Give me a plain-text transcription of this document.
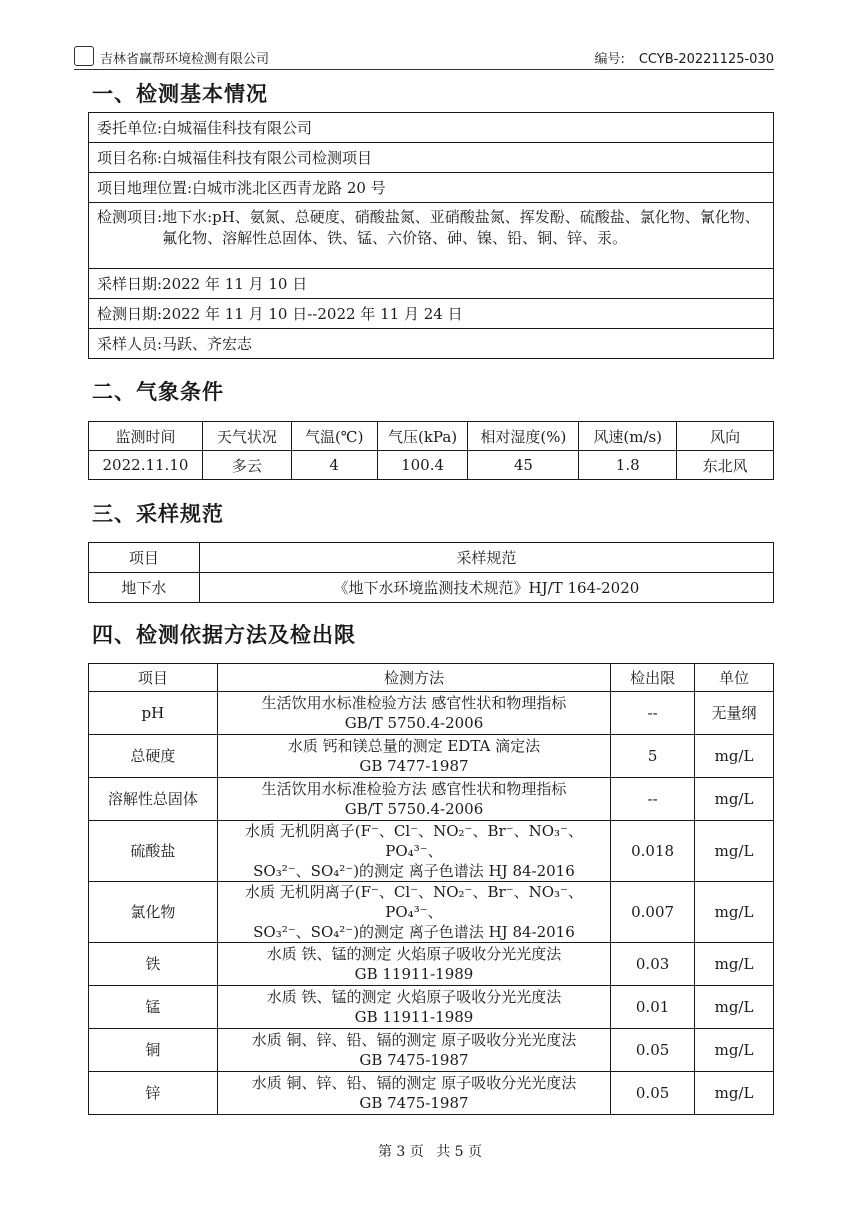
吉林省赢帮环境检测有限公司	编号: CCYB-20221125-030
一、检测基本情况
委托单位:白城福佳科技有限公司
项目名称:白城福佳科技有限公司检测项目
项目地理位置:白城市洮北区西青龙路 20 号

检测项目: 地下水:pH、氨氮、总硬度、硝酸盐氮、亚硝酸盐氮、挥发酚、硫酸盐、氯化物、氰化物、氟化物、溶解性总固体、铁、锰、六价铬、砷、镍、铅、铜、锌、汞。

采样日期:2022 年 11 月 10 日
检测日期:2022 年 11 月 10 日--2022 年 11 月 24 日
采样人员:马跃、齐宏志
二、气象条件
监测时间	天气状况	气温(℃)	气压(kPa)	相对湿度(%)	风速(m/s)	风向
2022.11.10	多云	4	100.4	45	1.8	东北风
三、采样规范
项目	采样规范
地下水	《地下水环境监测技术规范》HJ/T 164-2020
四、检测依据方法及检出限
项目	检测方法	检出限	单位
pH	生活饮用水标准检验方法 感官性状和物理指标
GB/T 5750.4-2006	--	无量纲
总硬度	水质 钙和镁总量的测定 EDTA 滴定法
GB 7477-1987	5	mg/L
溶解性总固体	生活饮用水标准检验方法 感官性状和物理指标
GB/T 5750.4-2006	--	mg/L
硫酸盐	水质 无机阴离子(F⁻、Cl⁻、NO₂⁻、Br⁻、NO₃⁻、PO₄³⁻、
SO₃²⁻、SO₄²⁻)的测定 离子色谱法 HJ 84-2016	0.018	mg/L
氯化物	水质 无机阴离子(F⁻、Cl⁻、NO₂⁻、Br⁻、NO₃⁻、PO₄³⁻、
SO₃²⁻、SO₄²⁻)的测定 离子色谱法 HJ 84-2016	0.007	mg/L
铁	水质 铁、锰的测定 火焰原子吸收分光光度法
GB 11911-1989	0.03	mg/L
锰	水质 铁、锰的测定 火焰原子吸收分光光度法
GB 11911-1989	0.01	mg/L
铜	水质 铜、锌、铅、镉的测定 原子吸收分光光度法
GB 7475-1987	0.05	mg/L
锌	水质 铜、锌、铅、镉的测定 原子吸收分光光度法
GB 7475-1987	0.05	mg/L
第 3 页 共 5 页
